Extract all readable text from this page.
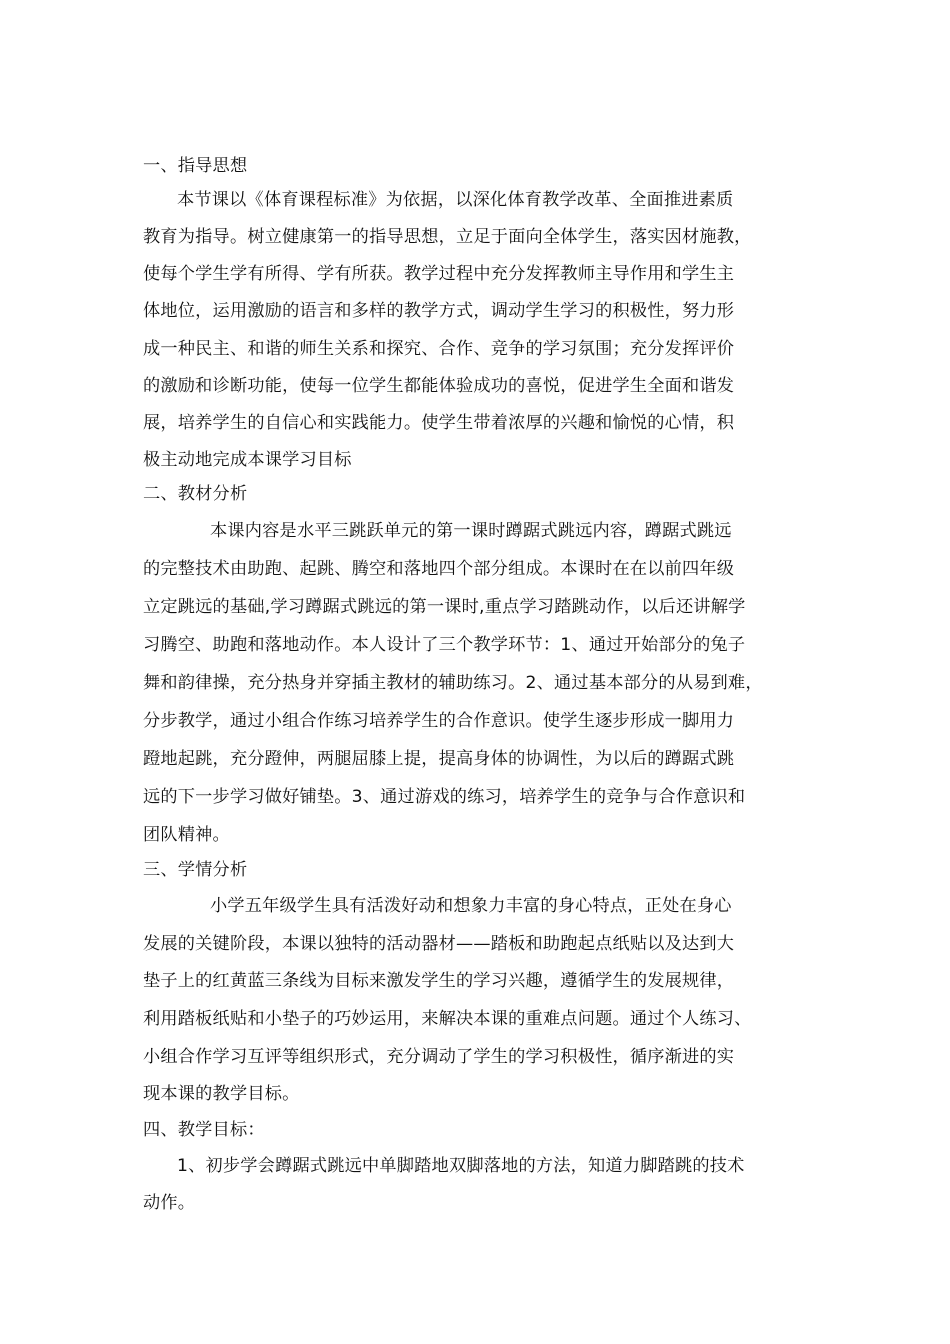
一、指导思想
本节课以《体育课程标准》为依据，以深化体育教学改革、全面推进素质
教育为指导。树立健康第一的指导思想，立足于面向全体学生，落实因材施教，
使每个学生学有所得、学有所获。教学过程中充分发挥教师主导作用和学生主
体地位，运用激励的语言和多样的教学方式，调动学生学习的积极性，努力形
成一种民主、和谐的师生关系和探究、合作、竞争的学习氛围；充分发挥评价
的激励和诊断功能，使每一位学生都能体验成功的喜悦，促进学生全面和谐发
展，培养学生的自信心和实践能力。使学生带着浓厚的兴趣和愉悦的心情，积
极主动地完成本课学习目标
二、教材分析
本课内容是水平三跳跃单元的第一课时蹲踞式跳远内容，蹲踞式跳远
的完整技术由助跑、起跳、腾空和落地四个部分组成。本课时在在以前四年级
立定跳远的基础,学习蹲踞式跳远的第一课时,重点学习踏跳动作，以后还讲解学
习腾空、助跑和落地动作。本人设计了三个教学环节：1、通过开始部分的兔子
舞和韵律操，充分热身并穿插主教材的辅助练习。2、通过基本部分的从易到难，
分步教学，通过小组合作练习培养学生的合作意识。使学生逐步形成一脚用力
蹬地起跳，充分蹬伸，两腿屈膝上提，提高身体的协调性，为以后的蹲踞式跳
远的下一步学习做好铺垫。3、通过游戏的练习，培养学生的竞争与合作意识和
团队精神。
三、学情分析
小学五年级学生具有活泼好动和想象力丰富的身心特点，正处在身心
发展的关键阶段，本课以独特的活动器材——踏板和助跑起点纸贴以及达到大
垫子上的红黄蓝三条线为目标来激发学生的学习兴趣，遵循学生的发展规律，
利用踏板纸贴和小垫子的巧妙运用，来解决本课的重难点问题。通过个人练习、
小组合作学习互评等组织形式，充分调动了学生的学习积极性，循序渐进的实
现本课的教学目标。
四、教学目标：
1、初步学会蹲踞式跳远中单脚踏地双脚落地的方法，知道力脚踏跳的技术
动作。
